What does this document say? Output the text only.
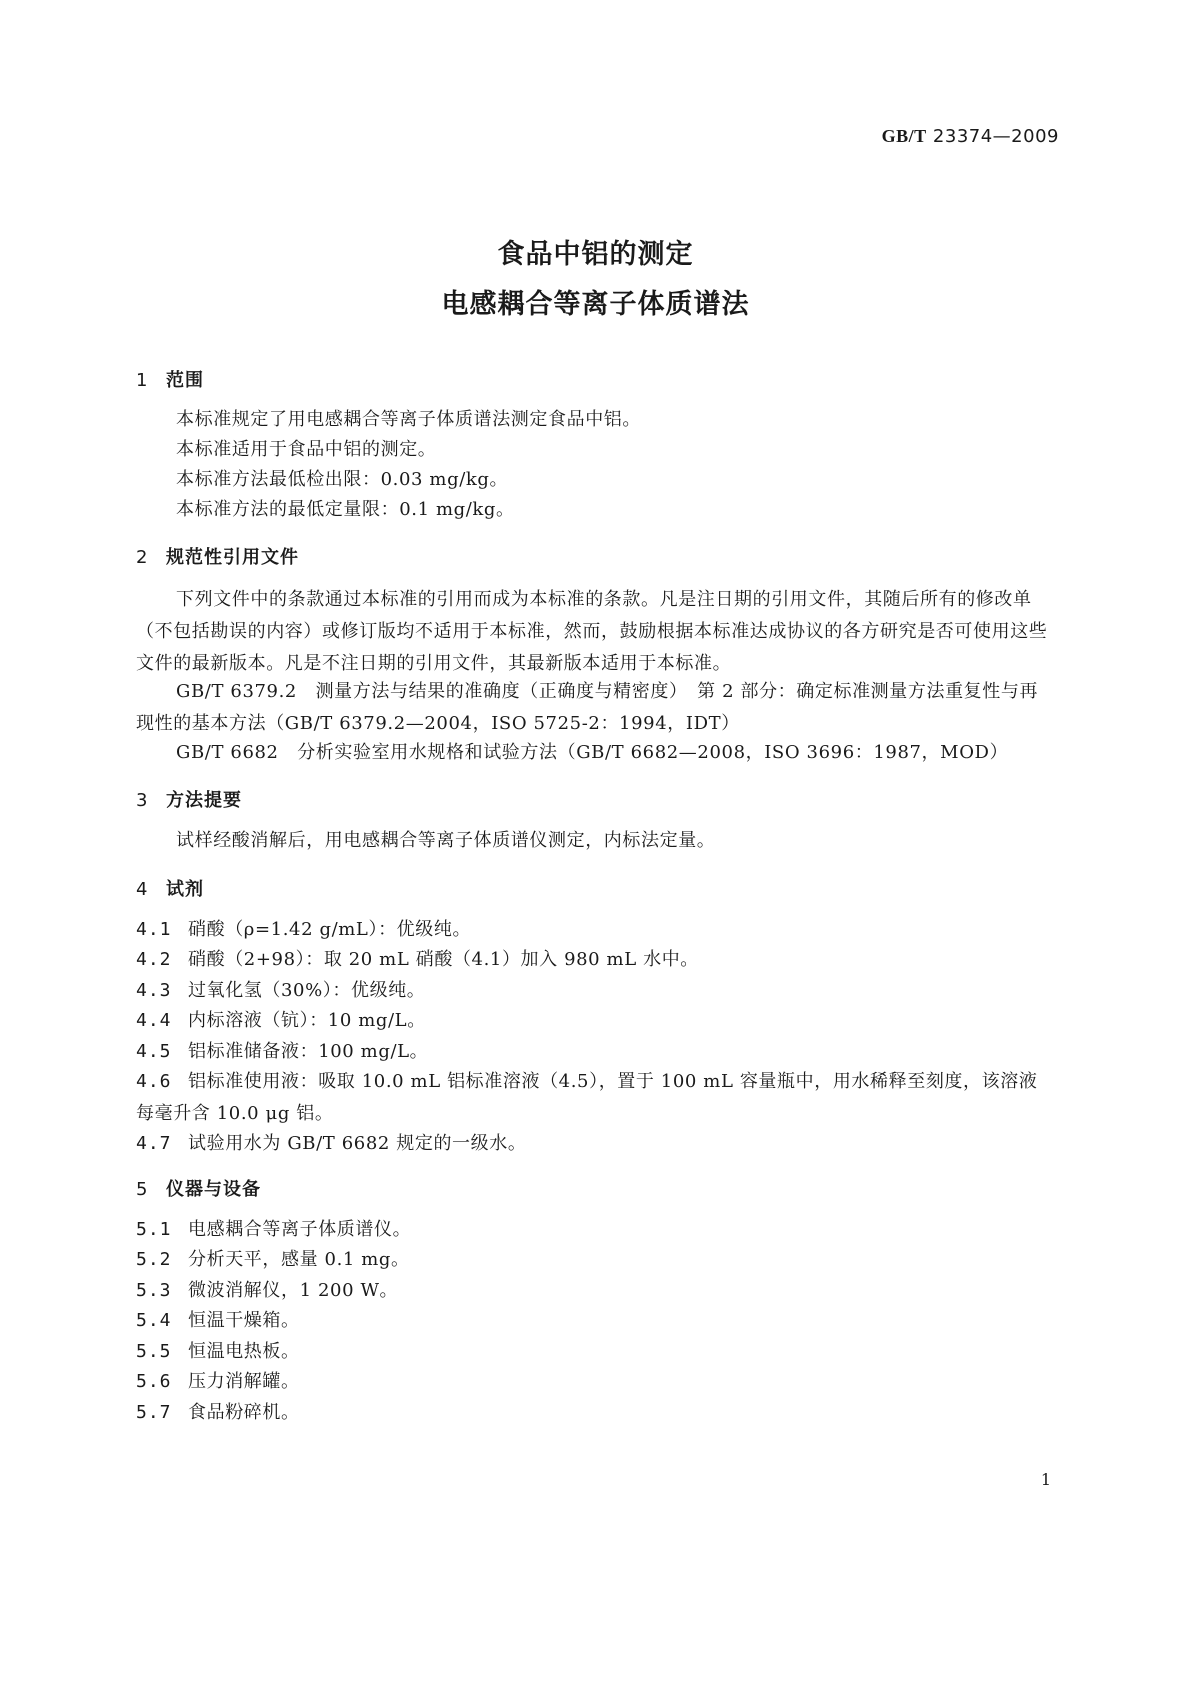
GB/T 23374—2009
食品中铝的测定
电感耦合等离子体质谱法
1 范围
本标准规定了用电感耦合等离子体质谱法测定食品中铝。
本标准适用于食品中铝的测定。
本标准方法最低检出限：0.03 mg/kg。
本标准方法的最低定量限：0.1 mg/kg。
2 规范性引用文件
下列文件中的条款通过本标准的引用而成为本标准的条款。凡是注日期的引用文件，其随后所有的修改单（不包括勘误的内容）或修订版均不适用于本标准，然而，鼓励根据本标准达成协议的各方研究是否可使用这些文件的最新版本。凡是不注日期的引用文件，其最新版本适用于本标准。
GB/T 6379.2　测量方法与结果的准确度（正确度与精密度）　第 2 部分：确定标准测量方法重复性与再现性的基本方法（GB/T 6379.2—2004，ISO 5725-2：1994，IDT）
GB/T 6682　分析实验室用水规格和试验方法（GB/T 6682—2008，ISO 3696：1987，MOD）
3 方法提要
试样经酸消解后，用电感耦合等离子体质谱仪测定，内标法定量。
4 试剂
4.1 硝酸（ρ=1.42 g/mL）：优级纯。
4.2 硝酸（2+98）：取 20 mL 硝酸（4.1）加入 980 mL 水中。
4.3 过氧化氢（30%）：优级纯。
4.4 内标溶液（钪）：10 mg/L。
4.5 铝标准储备液：100 mg/L。
4.6 铝标准使用液：吸取 10.0 mL 铝标准溶液（4.5），置于 100 mL 容量瓶中，用水稀释至刻度，该溶液每毫升含 10.0 μg 铝。
4.7 试验用水为 GB/T 6682 规定的一级水。
5 仪器与设备
5.1 电感耦合等离子体质谱仪。
5.2 分析天平，感量 0.1 mg。
5.3 微波消解仪，1 200 W。
5.4 恒温干燥箱。
5.5 恒温电热板。
5.6 压力消解罐。
5.7 食品粉碎机。
1
